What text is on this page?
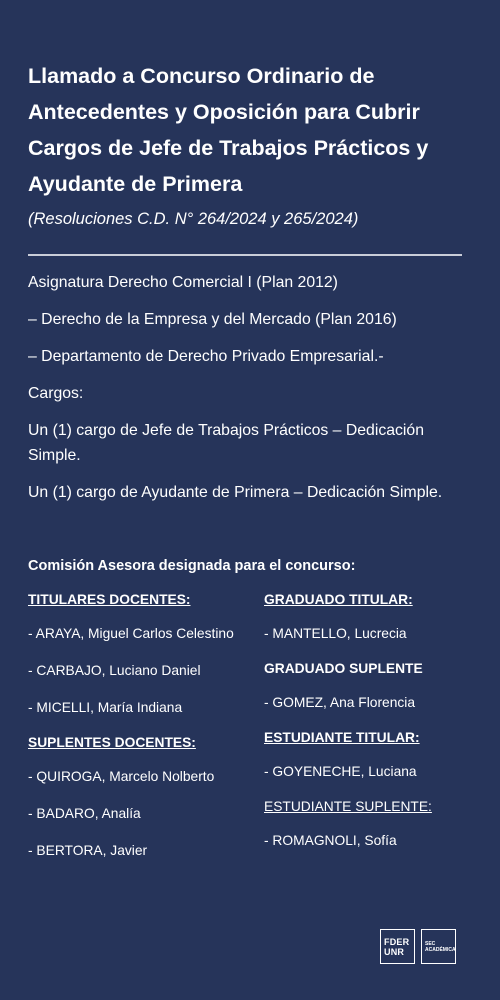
Llamado a Concurso Ordinario de Antecedentes y Oposición para Cubrir Cargos de Jefe de Trabajos Prácticos y Ayudante de Primera

(Resoluciones C.D. N° 264/2024 y 265/2024)

Asignatura Derecho Comercial I (Plan 2012)

– Derecho de la Empresa y del Mercado (Plan 2016)

– Departamento de Derecho Privado Empresarial.-

Cargos:

Un (1) cargo de Jefe de Trabajos Prácticos – Dedicación Simple.

Un (1) cargo de Ayudante de Primera – Dedicación Simple.

Comisión Asesora designada para el concurso:
TITULARES DOCENTES:
- ARAYA, Miguel Carlos Celestino
- CARBAJO, Luciano Daniel
- MICELLI, María Indiana
SUPLENTES DOCENTES:
- QUIROGA, Marcelo Nolberto
- BADARO, Analía
- BERTORA, Javier
GRADUADO TITULAR:
- MANTELLO, Lucrecia
GRADUADO SUPLENTE
- GOMEZ, Ana Florencia
ESTUDIANTE TITULAR:
- GOYENECHE, Luciana
ESTUDIANTE SUPLENTE:
- ROMAGNOLI, Sofía
FDER
UNR
SEC
ACADÉMICA
